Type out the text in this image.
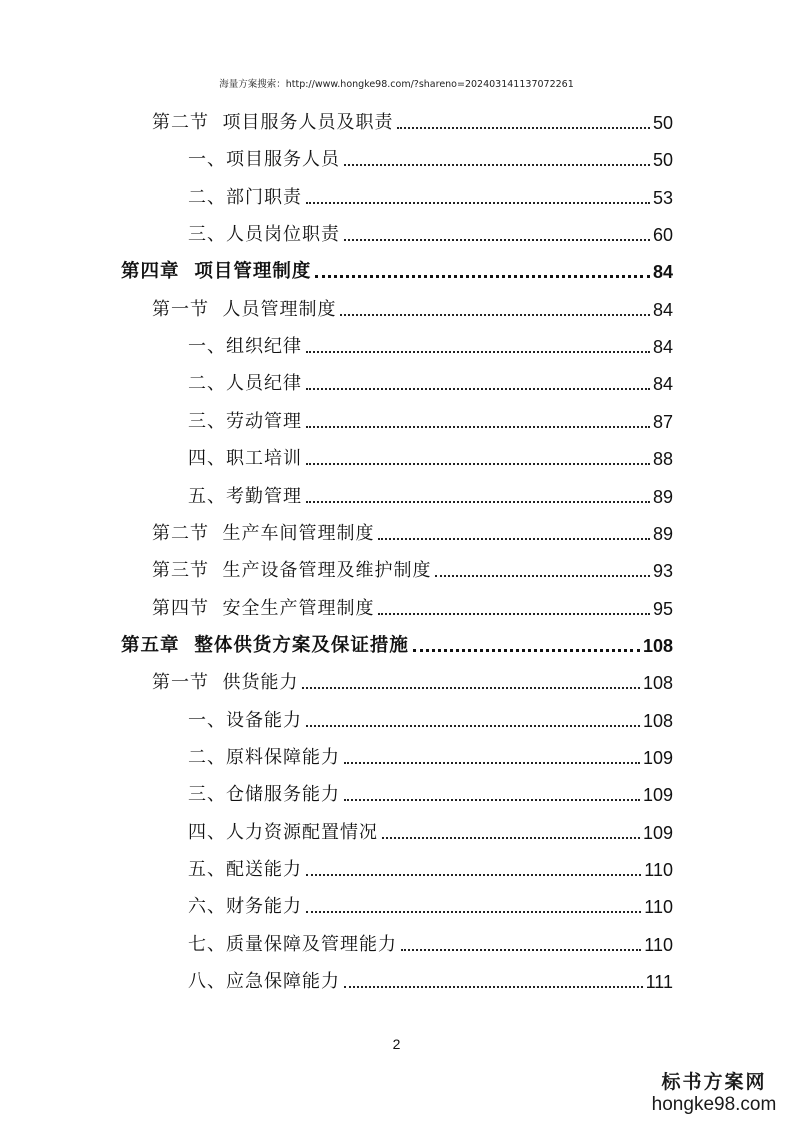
海量方案搜索：http://www.hongke98.com/?shareno=202403141137072261
第二节  项目服务人员及职责	50
一、项目服务人员	50
二、部门职责	53
三、人员岗位职责	60
第四章  项目管理制度	84
第一节  人员管理制度	84
一、组织纪律	84
二、人员纪律	84
三、劳动管理	87
四、职工培训	88
五、考勤管理	89
第二节  生产车间管理制度	89
第三节  生产设备管理及维护制度	93
第四节  安全生产管理制度	95
第五章  整体供货方案及保证措施	108
第一节  供货能力	108
一、设备能力	108
二、原料保障能力	109
三、仓储服务能力	109
四、人力资源配置情况	109
五、配送能力	110
六、财务能力	110
七、质量保障及管理能力	110
八、应急保障能力	111
2
标书方案网
hongke98.com
